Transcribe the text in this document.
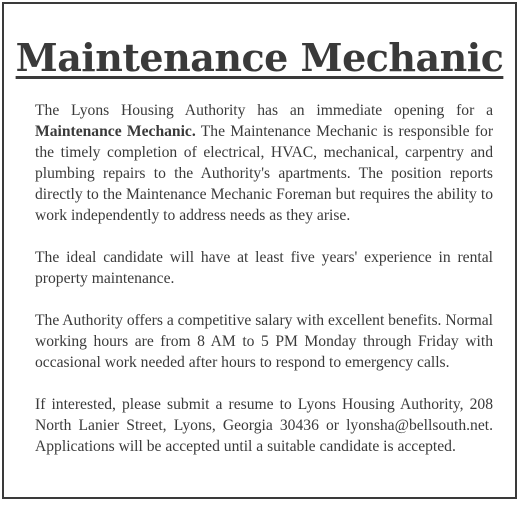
Maintenance Mechanic

The Lyons Housing Authority has an immediate opening for a Maintenance Mechanic. The Maintenance Mechanic is responsible for the timely completion of electrical, HVAC, mechanical, carpentry and plumbing repairs to the Authority's apartments. The position reports directly to the Maintenance Mechanic Foreman but requires the ability to work independently to address needs as they arise.

The ideal candidate will have at least five years' experience in rental property maintenance.

The Authority offers a competitive salary with excellent benefits. Normal working hours are from 8 AM to 5 PM Monday through Friday with occasional work needed after hours to respond to emergency calls.

If interested, please submit a resume to Lyons Housing Authority, 208 North Lanier Street, Lyons, Georgia 30436 or lyonsha@bellsouth.net. Applications will be accepted until a suitable candidate is accepted.
